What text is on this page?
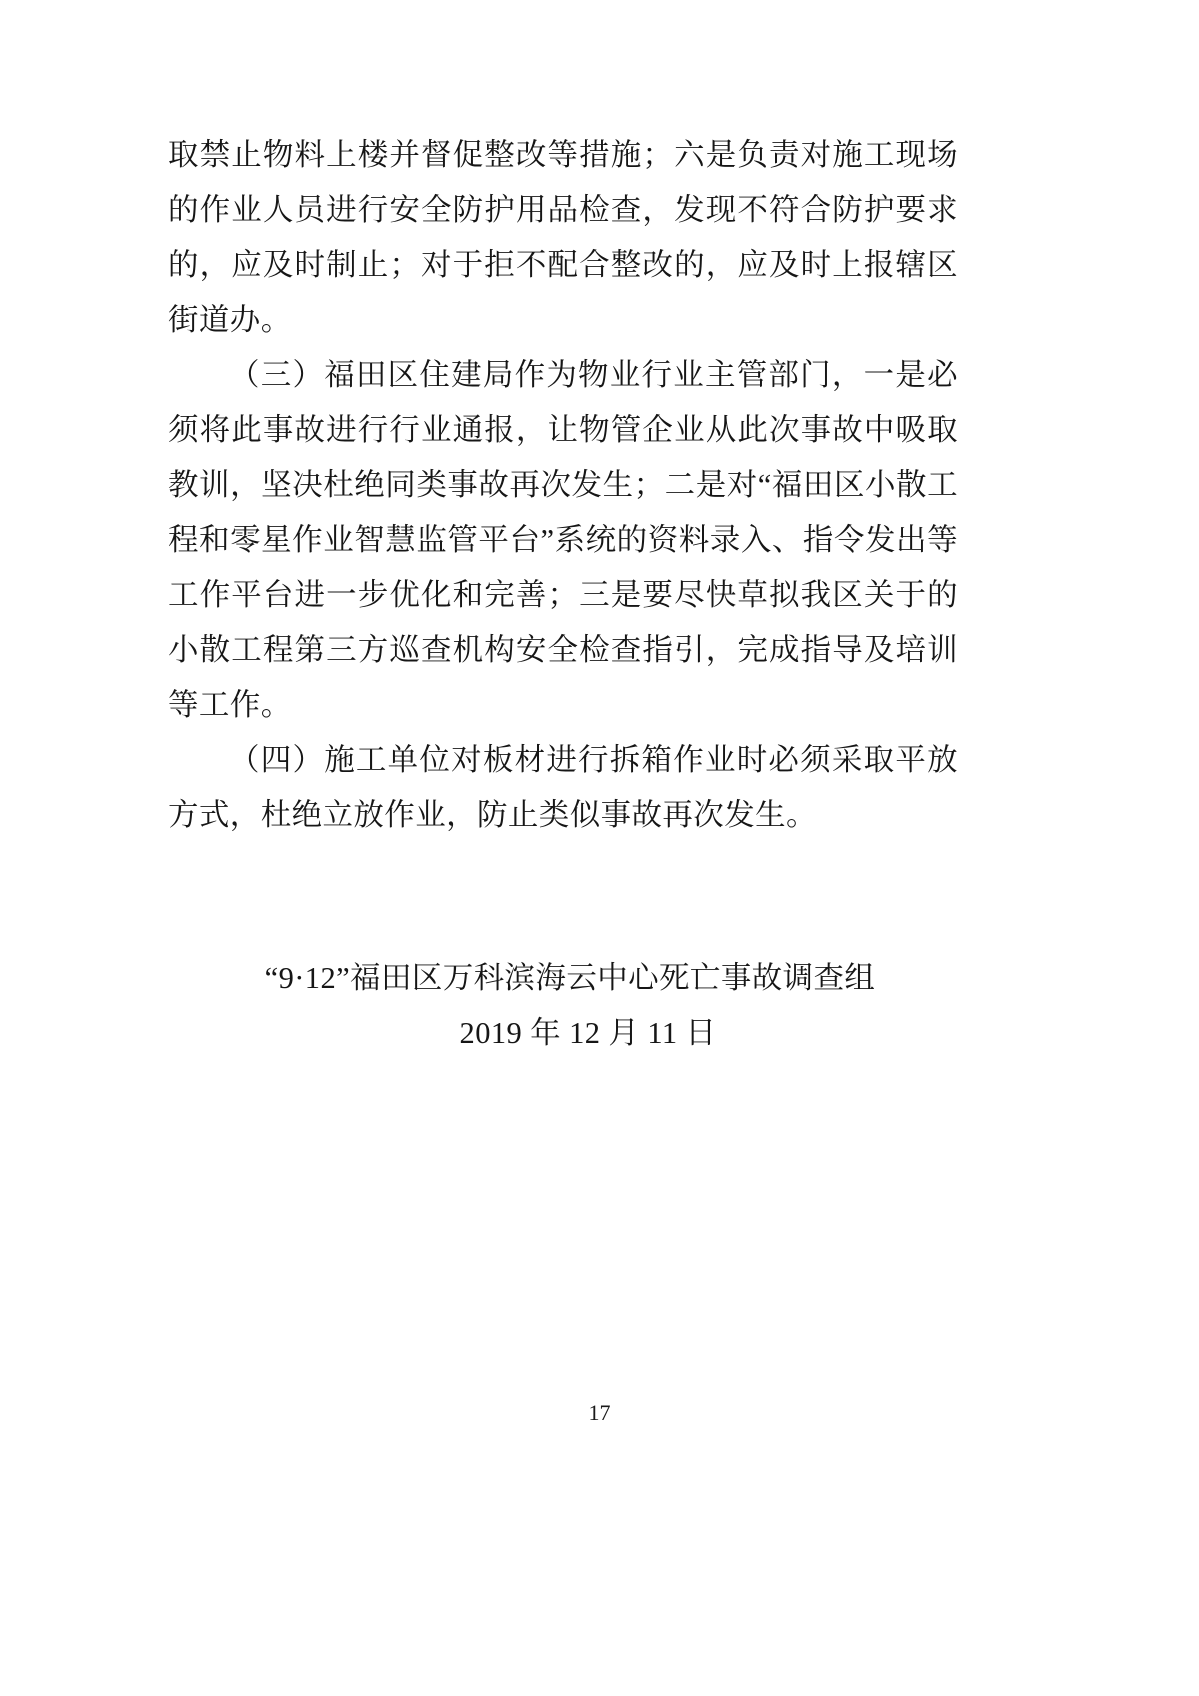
取禁止物料上楼并督促整改等措施；六是负责对施工现场的作业人员进行安全防护用品检查，发现不符合防护要求的，应及时制止；对于拒不配合整改的，应及时上报辖区街道办。

（三）福田区住建局作为物业行业主管部门，一是必须将此事故进行行业通报，让物管企业从此次事故中吸取教训，坚决杜绝同类事故再次发生；二是对“福田区小散工程和零星作业智慧监管平台”系统的资料录入、指令发出等工作平台进一步优化和完善；三是要尽快草拟我区关于的小散工程第三方巡查机构安全检查指引，完成指导及培训等工作。

（四）施工单位对板材进行拆箱作业时必须采取平放方式，杜绝立放作业，防止类似事故再次发生。

“9·12”福田区万科滨海云中心死亡事故调查组
2019 年 12 月 11 日
17
